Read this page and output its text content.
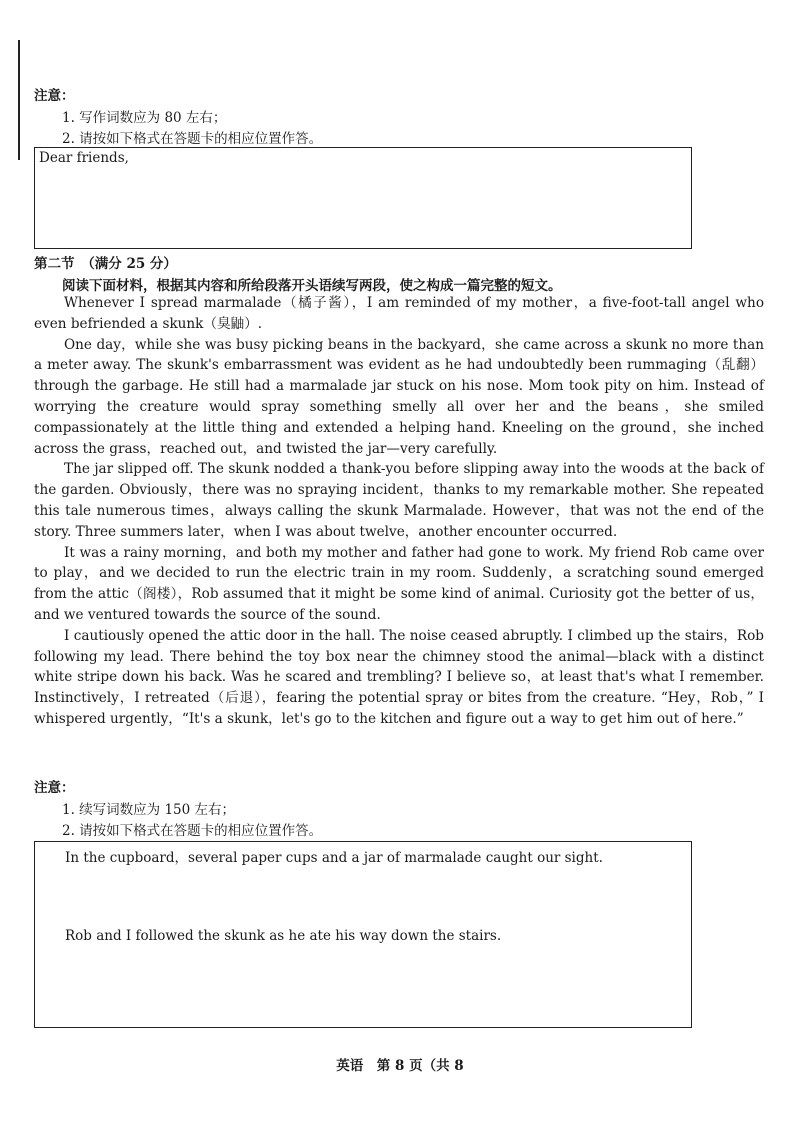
注意：
1. 写作词数应为 80 左右；
2. 请按如下格式在答题卡的相应位置作答。
Dear friends,
第二节　（满分 25 分）
阅读下面材料，根据其内容和所给段落开头语续写两段，使之构成一篇完整的短文。

Whenever I spread marmalade（橘子酱），I am reminded of my mother，a five-foot-tall angel who even befriended a skunk（臭鼬）.

One day，while she was busy picking beans in the backyard，she came across a skunk no more than a meter away. The skunk's embarrassment was evident as he had undoubtedly been rummaging（乱翻）through the garbage. He still had a marmalade jar stuck on his nose. Mom took pity on him. Instead of worrying the creature would spray something smelly all over her and the beans，she smiled compassionately at the little thing and extended a helping hand. Kneeling on the ground，she inched across the grass，reached out，and twisted the jar—very carefully.

The jar slipped off. The skunk nodded a thank-you before slipping away into the woods at the back of the garden. Obviously，there was no spraying incident，thanks to my remarkable mother. She repeated this tale numerous times，always calling the skunk Marmalade. However，that was not the end of the story. Three summers later，when I was about twelve，another encounter occurred.

It was a rainy morning，and both my mother and father had gone to work. My friend Rob came over to play，and we decided to run the electric train in my room. Suddenly，a scratching sound emerged from the attic（阁楼），Rob assumed that it might be some kind of animal. Curiosity got the better of us，and we ventured towards the source of the sound.

I cautiously opened the attic door in the hall. The noise ceased abruptly. I climbed up the stairs，Rob following my lead. There behind the toy box near the chimney stood the animal—black with a distinct white stripe down his back. Was he scared and trembling? I believe so，at least that's what I remember. Instinctively，I retreated（后退），fearing the potential spray or bites from the creature. “Hey，Rob，” I whispered urgently，“It's a skunk，let's go to the kitchen and figure out a way to get him out of here.”

注意：
1. 续写词数应为 150 左右；
2. 请按如下格式在答题卡的相应位置作答。
In the cupboard，several paper cups and a jar of marmalade caught our sight.
Rob and I followed the skunk as he ate his way down the stairs.
英语　第 8 页（共 8
